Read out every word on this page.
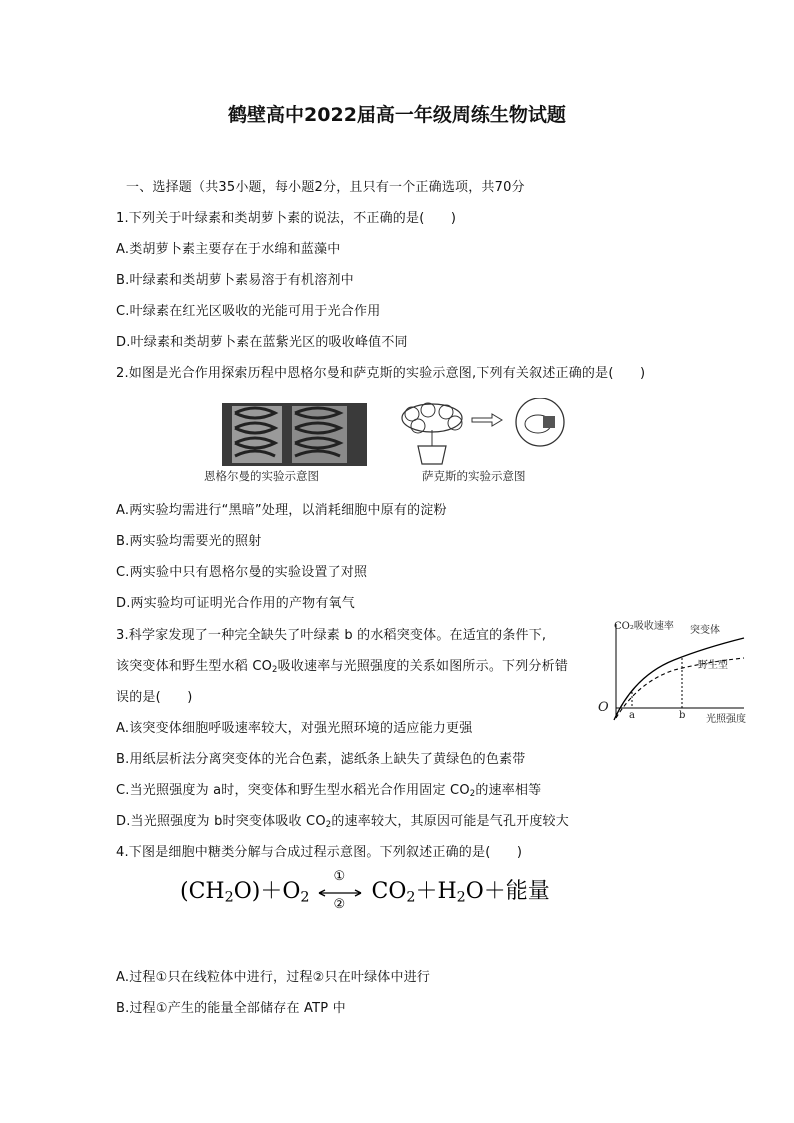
鹤壁高中2022届高一年级周练生物试题
一、选择题（共35小题，每小题2分，且只有一个正确选项，共70分
1.下列关于叶绿素和类胡萝卜素的说法，不正确的是(　　)
A.类胡萝卜素主要存在于水绵和蓝藻中
B.叶绿素和类胡萝卜素易溶于有机溶剂中
C.叶绿素在红光区吸收的光能可用于光合作用
D.叶绿素和类胡萝卜素在蓝紫光区的吸收峰值不同
2.如图是光合作用探索历程中恩格尔曼和萨克斯的实验示意图,下列有关叙述正确的是(　　)
恩格尔曼的实验示意图	萨克斯的实验示意图
A.两实验均需进行“黑暗”处理，以消耗细胞中原有的淀粉
B.两实验均需要光的照射
C.两实验中只有恩格尔曼的实验设置了对照
D.两实验均可证明光合作用的产物有氧气
3.科学家发现了一种完全缺失了叶绿素 b 的水稻突变体。在适宜的条件下,
该突变体和野生型水稻 $CO_2$吸收速率与光照强度的关系如图所示。下列分析错
误的是(　　)
CO₂吸收速率 突变体
野生型
O
a	b 光照强度
A.该突变体细胞呼吸速率较大，对强光照环境的适应能力更强
B.用纸层析法分离突变体的光合色素，滤纸条上缺失了黄绿色的色素带
C.当光照强度为 a时，突变体和野生型水稻光合作用固定 $CO_2$的速率相等
D.当光照强度为 b时突变体吸收 $CO_2$的速率较大，其原因可能是气孔开度较大
4.下图是细胞中糖类分解与合成过程示意图。下列叙述正确的是(　　)
$(CH_2O)+O_2$
①
②
$CO_2+H_2O+$能量
A.过程①只在线粒体中进行，过程②只在叶绿体中进行
B.过程①产生的能量全部储存在 ATP 中
